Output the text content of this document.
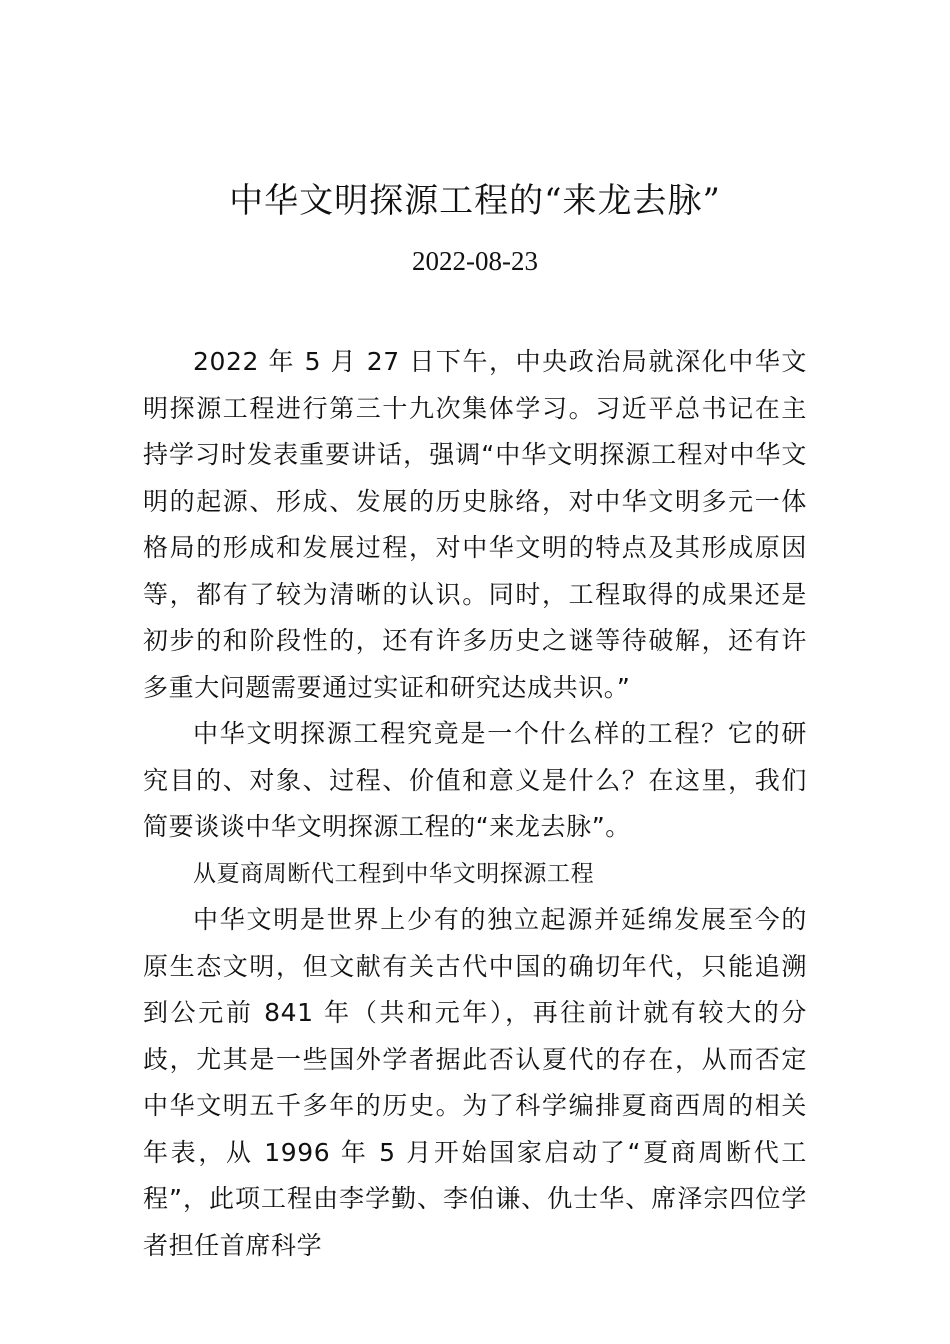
中华文明探源工程的“来龙去脉”
2022-08-23

2022 年 5 月 27 日下午，中央政治局就深化中华文明探源工程进行第三十九次集体学习。习近平总书记在主持学习时发表重要讲话，强调“中华文明探源工程对中华文明的起源、形成、发展的历史脉络，对中华文明多元一体格局的形成和发展过程，对中华文明的特点及其形成原因等，都有了较为清晰的认识。同时，工程取得的成果还是初步的和阶段性的，还有许多历史之谜等待破解，还有许多重大问题需要通过实证和研究达成共识。”

中华文明探源工程究竟是一个什么样的工程？它的研究目的、对象、过程、价值和意义是什么？在这里，我们简要谈谈中华文明探源工程的“来龙去脉”。

从夏商周断代工程到中华文明探源工程

中华文明是世界上少有的独立起源并延绵发展至今的原生态文明，但文献有关古代中国的确切年代，只能追溯到公元前 841 年（共和元年），再往前计就有较大的分歧，尤其是一些国外学者据此否认夏代的存在，从而否定中华文明五千多年的历史。为了科学编排夏商西周的相关年表，从 1996 年 5 月开始国家启动了“夏商周断代工程”，此项工程由李学勤、李伯谦、仇士华、席泽宗四位学者担任首席科学
